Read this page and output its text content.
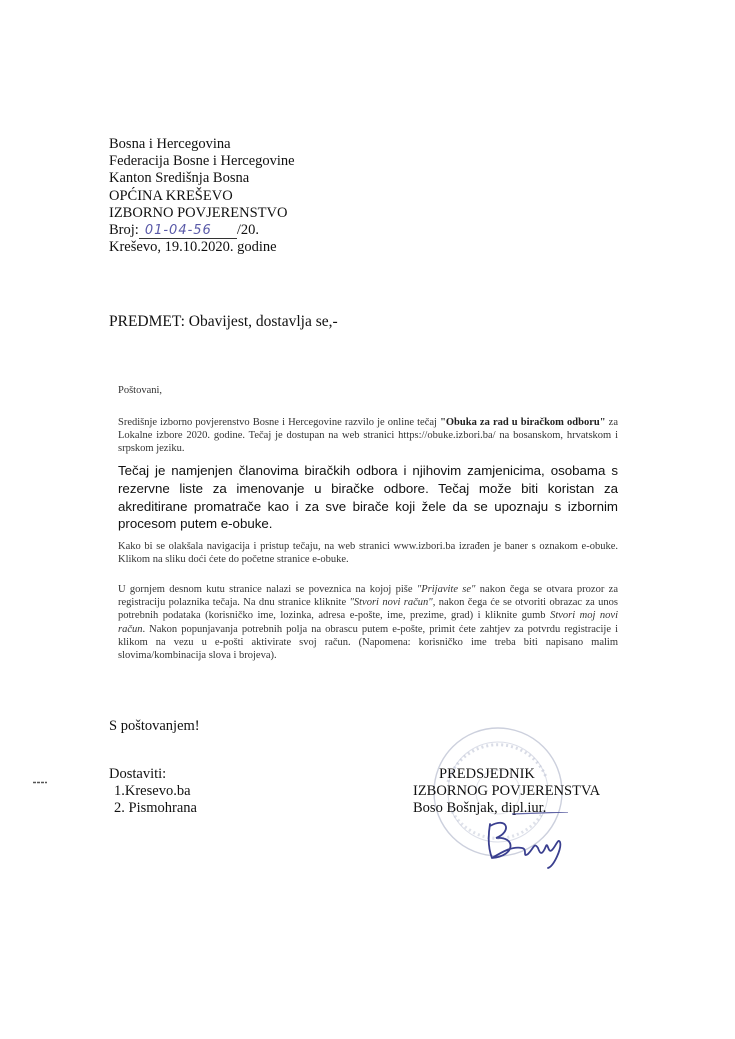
Bosna i Hercegovina
Federacija Bosne i Hercegovine
Kanton Središnja Bosna
OPĆINA KREŠEVO
IZBORNO POVJERENSTVO
Broj: 01-04-56 /20.
Kreševo, 19.10.2020. godine
PREDMET: Obavijest, dostavlja se,-
Poštovani,
Središnje izborno povjerenstvo Bosne i Hercegovine razvilo je online tečaj "Obuka za rad u biračkom odboru" za Lokalne izbore 2020. godine. Tečaj je dostupan na web stranici https://obuke.izbori.ba/ na bosanskom, hrvatskom i srpskom jeziku.
Tečaj je namjenjen članovima biračkih odbora i njihovim zamjenicima, osobama s rezervne liste za imenovanje u biračke odbore. Tečaj može biti koristan za akreditirane promatrače kao i za sve birače koji žele da se upoznaju s izbornim procesom putem e-obuke.
Kako bi se olakšala navigacija i pristup tečaju, na web stranici www.izbori.ba izrađen je baner s oznakom e-obuke. Klikom na sliku doći ćete do početne stranice e-obuke.
U gornjem desnom kutu stranice nalazi se poveznica na kojoj piše "Prijavite se" nakon čega se otvara prozor za registraciju polaznika tečaja. Na dnu stranice kliknite "Stvori novi račun", nakon čega će se otvoriti obrazac za unos potrebnih podataka (korisničko ime, lozinka, adresa e-pošte, ime, prezime, grad) i kliknite gumb Stvori moj novi račun. Nakon popunjavanja potrebnih polja na obrascu putem e-pošte, primit ćete zahtjev za potvrdu registracije i klikom na vezu u e-pošti aktivirate svoj račun. (Napomena: korisničko ime treba biti napisano malim slovima/kombinacija slova i brojeva).
S poštovanjem!
Dostaviti:
1.Kresevo.ba
2. Pismohrana
PREDSJEDNIK
IZBORNOG POVJERENSTVA
Boso Bošnjak, dipl.iur.
